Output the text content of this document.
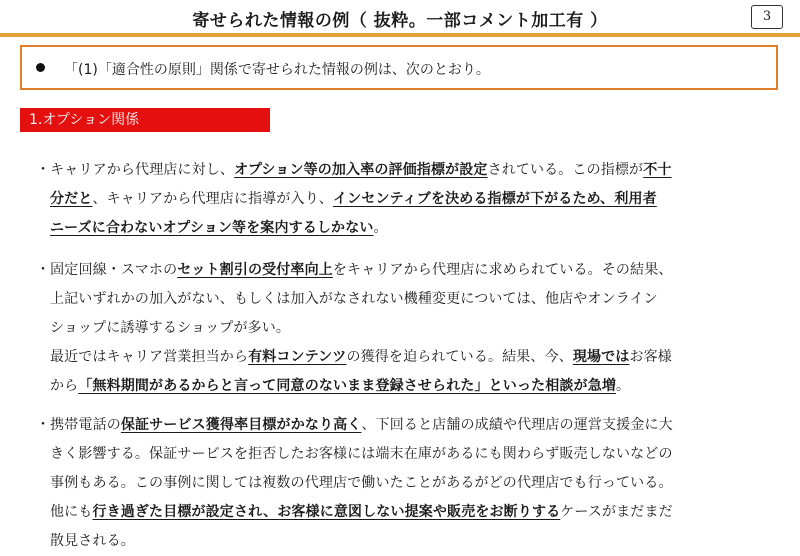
寄せられた情報の例（ 抜粋。一部コメント加工有 ）	3
「(1)「適合性の原則」関係で寄せられた情報の例は、次のとおり。
1.オプション関係
・キャリアから代理店に対し、オプション等の加入率の評価指標が設定されている。この指標が不十
分だと、キャリアから代理店に指導が入り、インセンティブを決める指標が下がるため、利用者
ニーズに合わないオプション等を案内するしかない。
・固定回線・スマホのセット割引の受付率向上をキャリアから代理店に求められている。その結果、
上記いずれかの加入がない、もしくは加入がなされない機種変更については、他店やオンライン
ショップに誘導するショップが多い。
最近ではキャリア営業担当から有料コンテンツの獲得を迫られている。結果、今、現場ではお客様
から「無料期間があるからと言って同意のないまま登録させられた」といった相談が急増。
・携帯電話の保証サービス獲得率目標がかなり高く、下回ると店舗の成績や代理店の運営支援金に大
きく影響する。保証サービスを拒否したお客様には端末在庫があるにも関わらず販売しないなどの
事例もある。この事例に関しては複数の代理店で働いたことがあるがどの代理店でも行っている。
他にも行き過ぎた目標が設定され、お客様に意図しない提案や販売をお断りするケースがまだまだ
散見される。
